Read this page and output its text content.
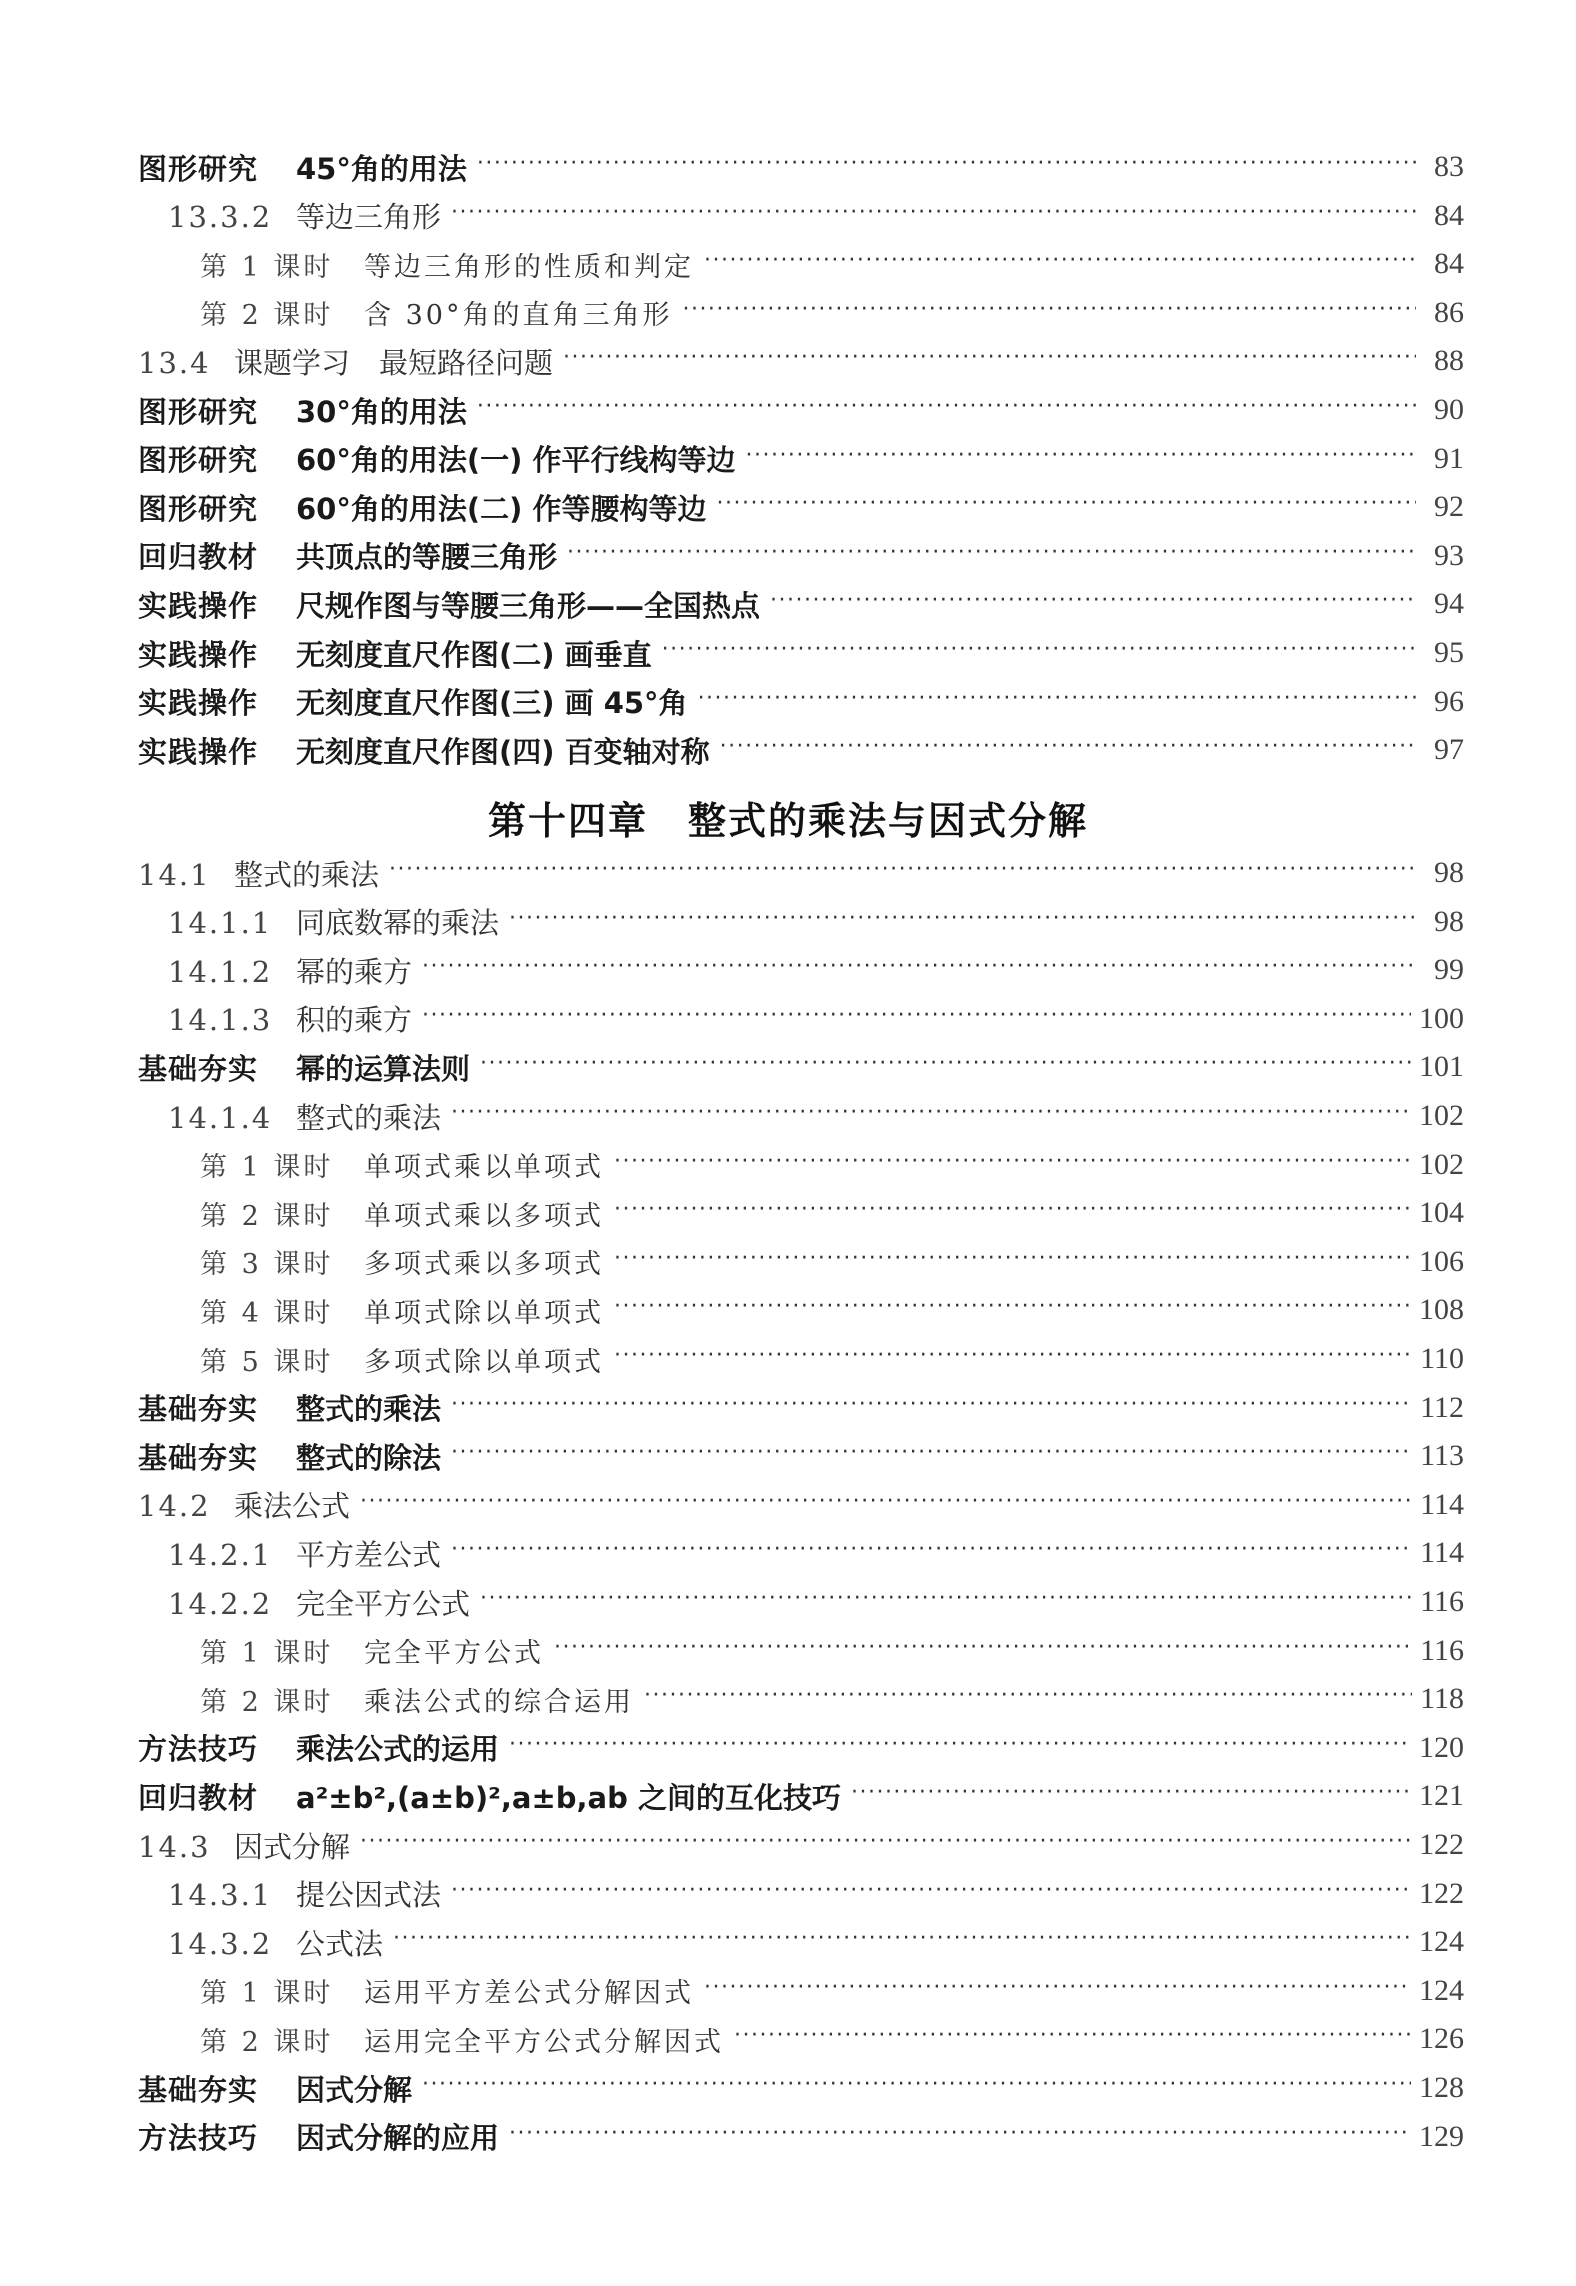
图形研究	45°角的用法 ·····	83
13.3.2 等边三角形 ·····	84
第 1 课时	等边三角形的性质和判定 ·····	84
第 2 课时	含 30°角的直角三角形 ·····	86
13.4 课题学习　最短路径问题 ·····	88
图形研究	30°角的用法 ·····	90
图形研究	60°角的用法(一) 作平行线构等边 ·····	91
图形研究	60°角的用法(二) 作等腰构等边 ·····	92
回归教材	共顶点的等腰三角形 ·····	93
实践操作	尺规作图与等腰三角形——全国热点 ·····	94
实践操作	无刻度直尺作图(二) 画垂直 ·····	95
实践操作	无刻度直尺作图(三) 画 45°角 ·····	96
实践操作	无刻度直尺作图(四) 百变轴对称 ·····	97
第十四章　整式的乘法与因式分解
14.1 整式的乘法 ·····	98
14.1.1 同底数幂的乘法 ·····	98
14.1.2 幂的乘方 ·····	99
14.1.3 积的乘方 ·····	100
基础夯实	幂的运算法则 ·····	101
14.1.4 整式的乘法 ·····	102
第 1 课时	单项式乘以单项式 ·····	102
第 2 课时	单项式乘以多项式 ·····	104
第 3 课时	多项式乘以多项式 ·····	106
第 4 课时	单项式除以单项式 ·····	108
第 5 课时	多项式除以单项式 ·····	110
基础夯实	整式的乘法 ·····	112
基础夯实	整式的除法 ·····	113
14.2 乘法公式 ·····	114
14.2.1 平方差公式 ·····	114
14.2.2 完全平方公式 ·····	116
第 1 课时	完全平方公式 ·····	116
第 2 课时	乘法公式的综合运用 ·····	118
方法技巧	乘法公式的运用 ·····	120
回归教材	a²±b²,(a±b)²,a±b,ab 之间的互化技巧 ·····	121
14.3 因式分解 ·····	122
14.3.1 提公因式法 ·····	122
14.3.2 公式法 ·····	124
第 1 课时	运用平方差公式分解因式 ·····	124
第 2 课时	运用完全平方公式分解因式 ·····	126
基础夯实	因式分解 ·····	128
方法技巧	因式分解的应用 ·····	129
